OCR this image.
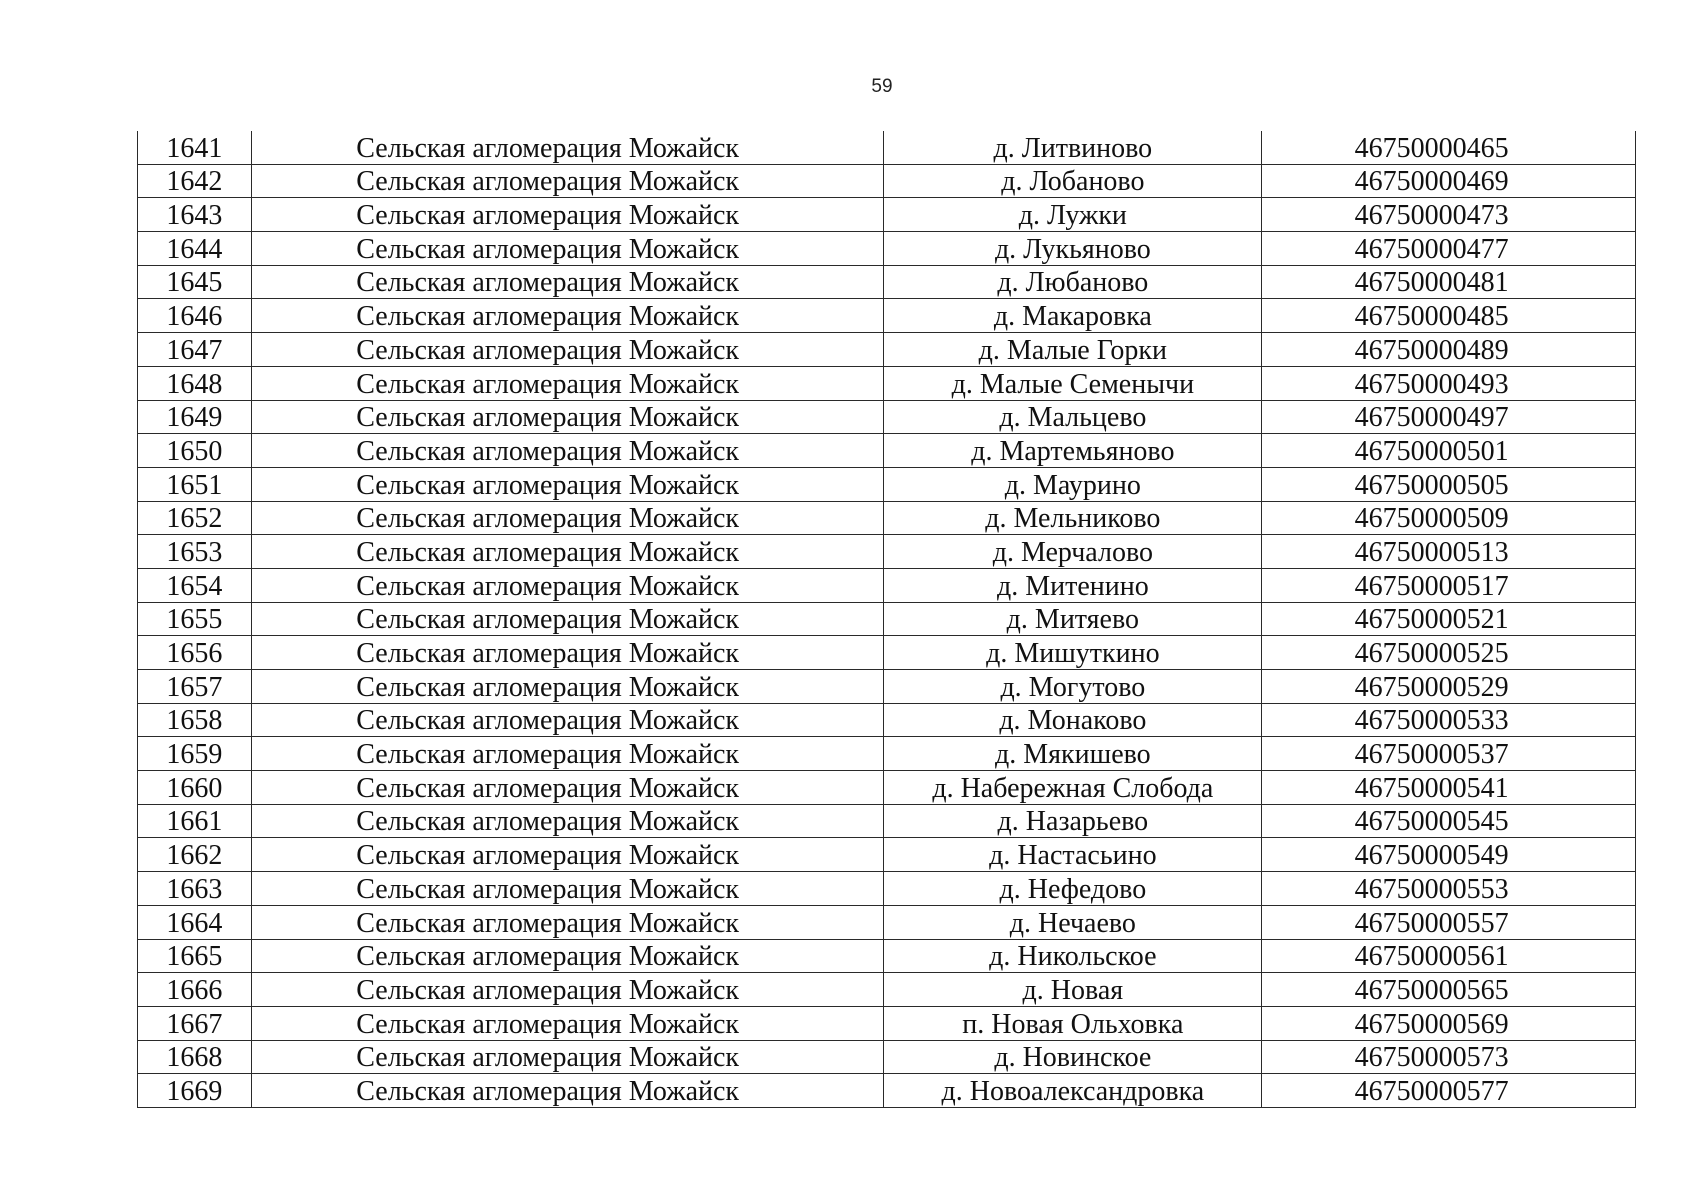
59
1641	Сельская агломерация Можайск	д. Литвиново	46750000465
1642	Сельская агломерация Можайск	д. Лобаново	46750000469
1643	Сельская агломерация Можайск	д. Лужки	46750000473
1644	Сельская агломерация Можайск	д. Лукьяново	46750000477
1645	Сельская агломерация Можайск	д. Любаново	46750000481
1646	Сельская агломерация Можайск	д. Макаровка	46750000485
1647	Сельская агломерация Можайск	д. Малые Горки	46750000489
1648	Сельская агломерация Можайск	д. Малые Семенычи	46750000493
1649	Сельская агломерация Можайск	д. Мальцево	46750000497
1650	Сельская агломерация Можайск	д. Мартемьяново	46750000501
1651	Сельская агломерация Можайск	д. Маурино	46750000505
1652	Сельская агломерация Можайск	д. Мельниково	46750000509
1653	Сельская агломерация Можайск	д. Мерчалово	46750000513
1654	Сельская агломерация Можайск	д. Митенино	46750000517
1655	Сельская агломерация Можайск	д. Митяево	46750000521
1656	Сельская агломерация Можайск	д. Мишуткино	46750000525
1657	Сельская агломерация Можайск	д. Могутово	46750000529
1658	Сельская агломерация Можайск	д. Монаково	46750000533
1659	Сельская агломерация Можайск	д. Мякишево	46750000537
1660	Сельская агломерация Можайск	д. Набережная Слобода	46750000541
1661	Сельская агломерация Можайск	д. Назарьево	46750000545
1662	Сельская агломерация Можайск	д. Настасьино	46750000549
1663	Сельская агломерация Можайск	д. Нефедово	46750000553
1664	Сельская агломерация Можайск	д. Нечаево	46750000557
1665	Сельская агломерация Можайск	д. Никольское	46750000561
1666	Сельская агломерация Можайск	д. Новая	46750000565
1667	Сельская агломерация Можайск	п. Новая Ольховка	46750000569
1668	Сельская агломерация Можайск	д. Новинское	46750000573
1669	Сельская агломерация Можайск	д. Новоалександровка	46750000577
